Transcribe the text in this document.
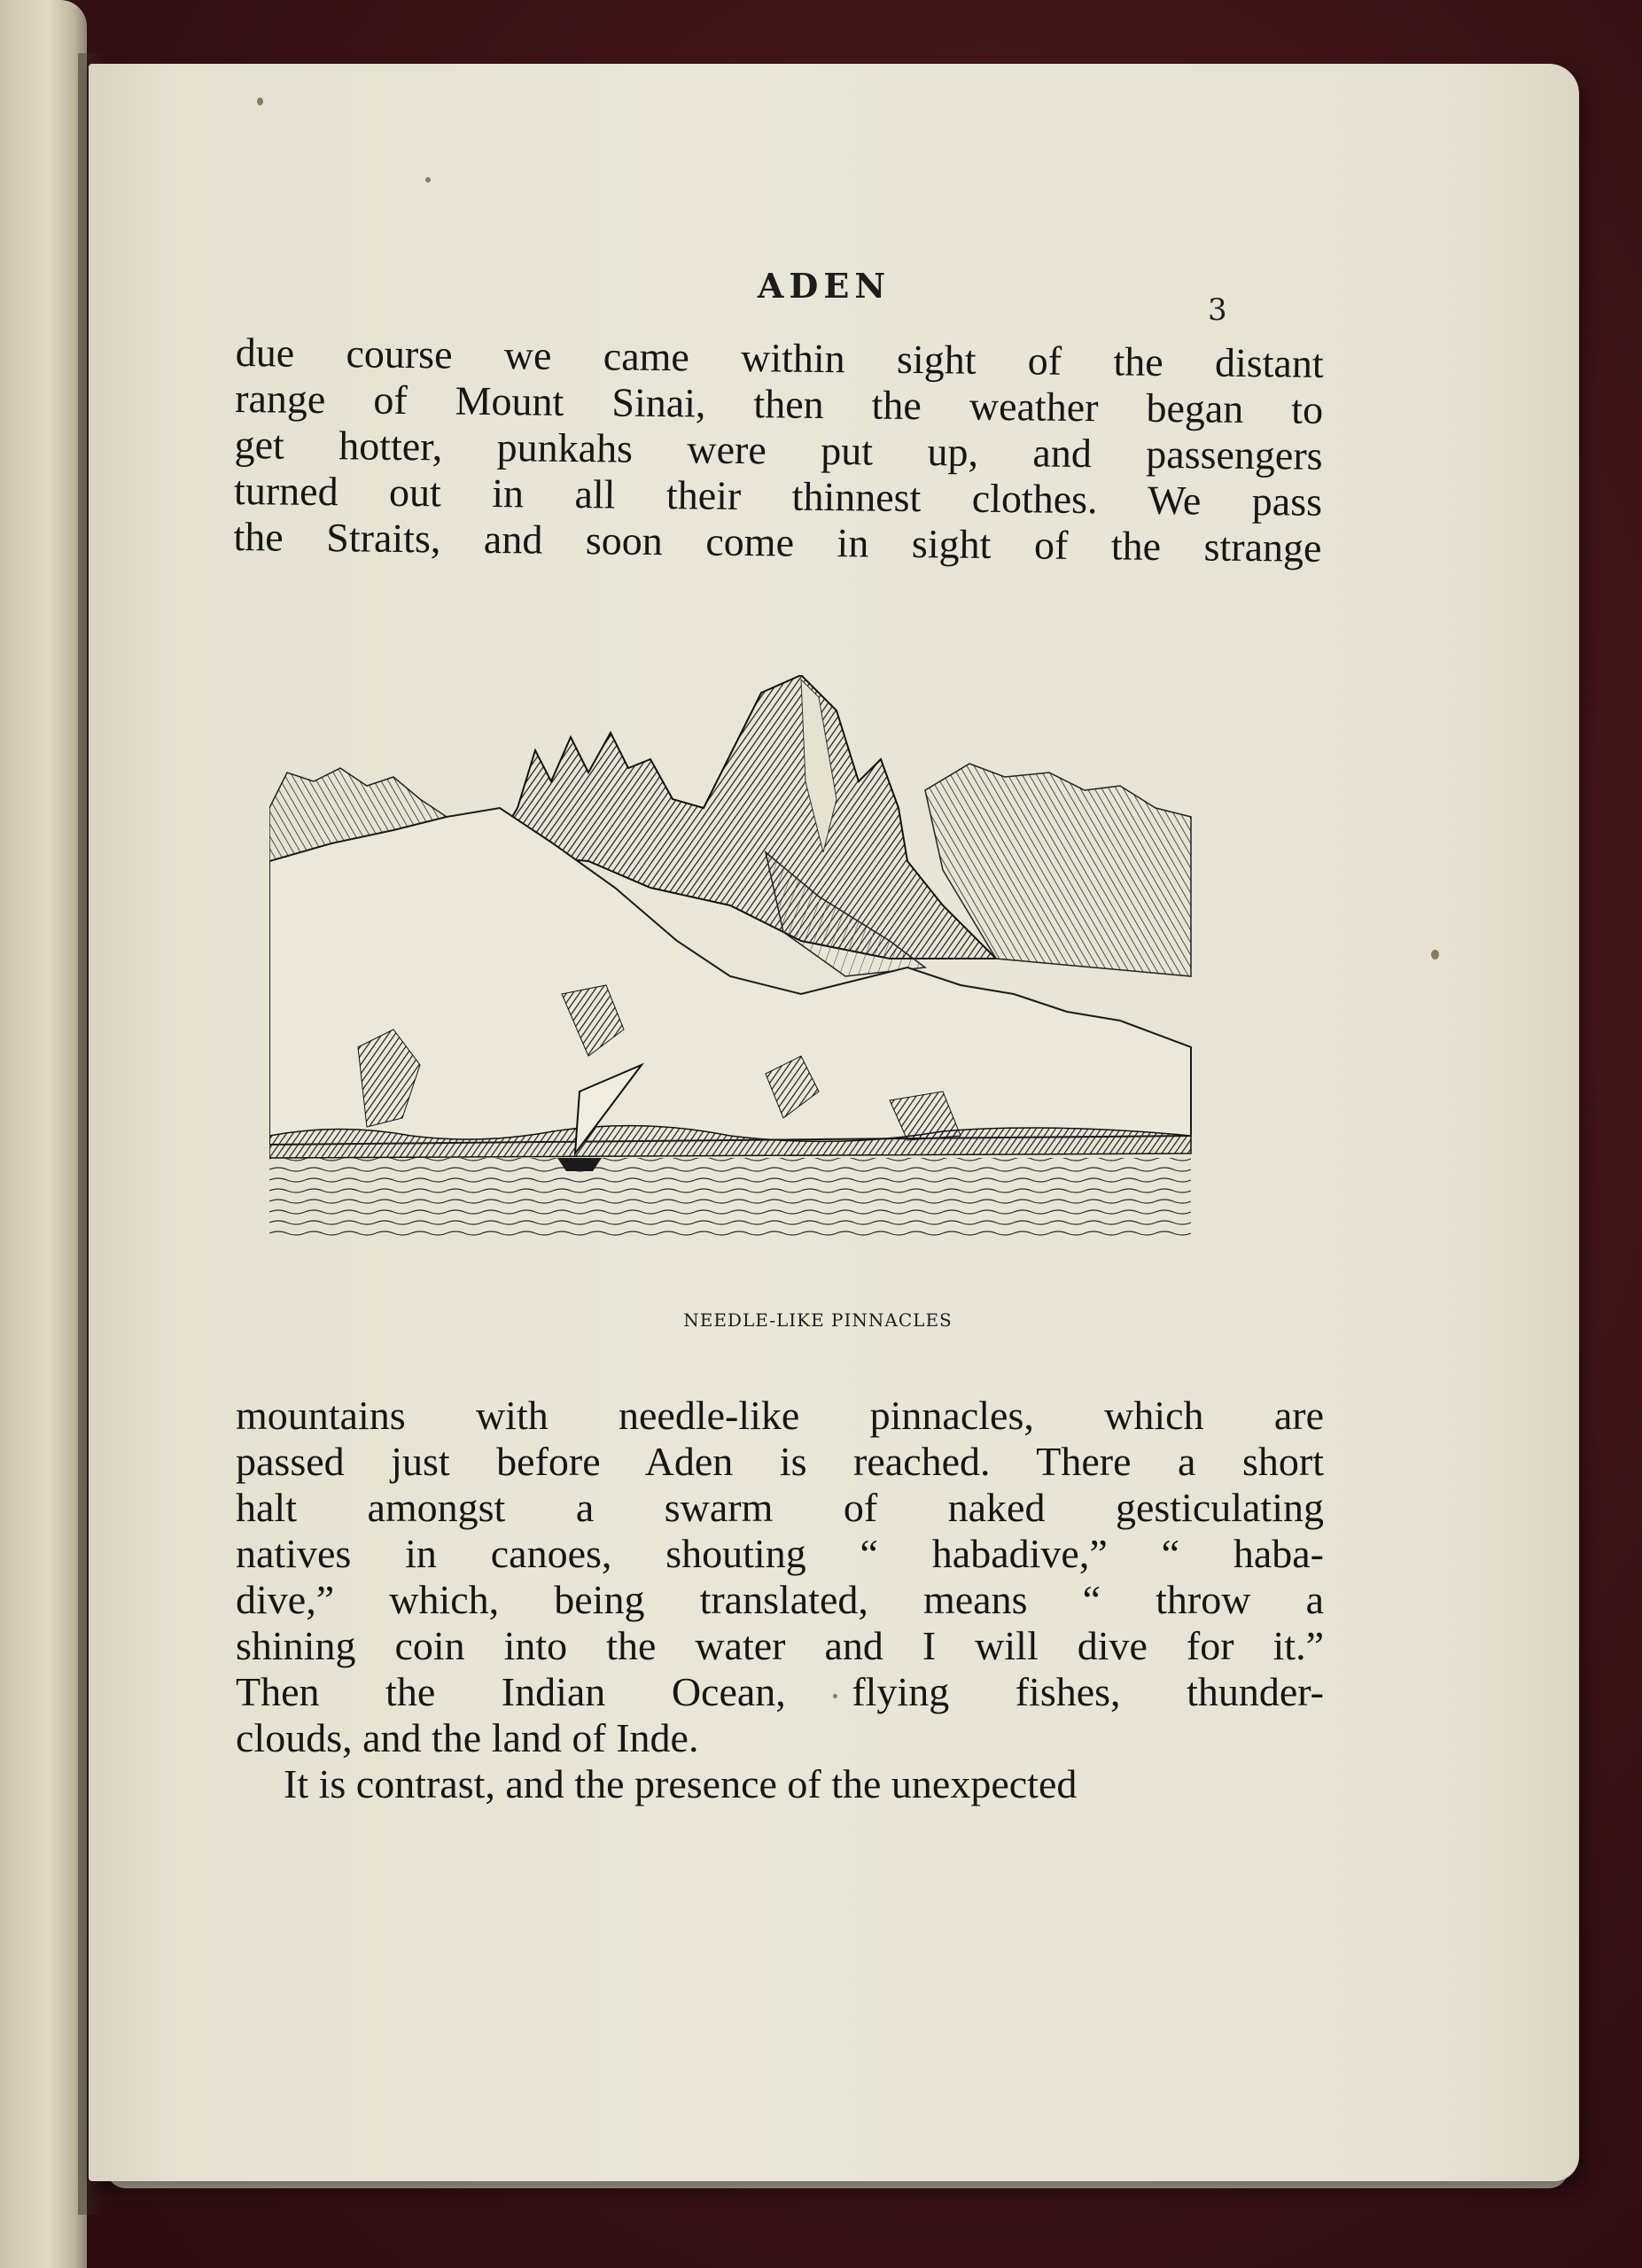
ADEN
3
due course we came within sight of the distant
range of Mount Sinai, then the weather began to
get hotter, punkahs were put up, and passengers
turned out in all their thinnest clothes. We pass
the Straits, and soon come in sight of the strange

NEEDLE-LIKE PINNACLES

mountains with needle-like pinnacles, which are
passed just before Aden is reached. There a short
halt amongst a swarm of naked gesticulating
natives in canoes, shouting “ habadive,” “ haba-
dive,” which, being translated, means “ throw a
shining coin into the water and I will dive for it.”
Then the Indian Ocean, flying fishes, thunder-
clouds, and the land of Inde.
It is contrast, and the presence of the unexpected
